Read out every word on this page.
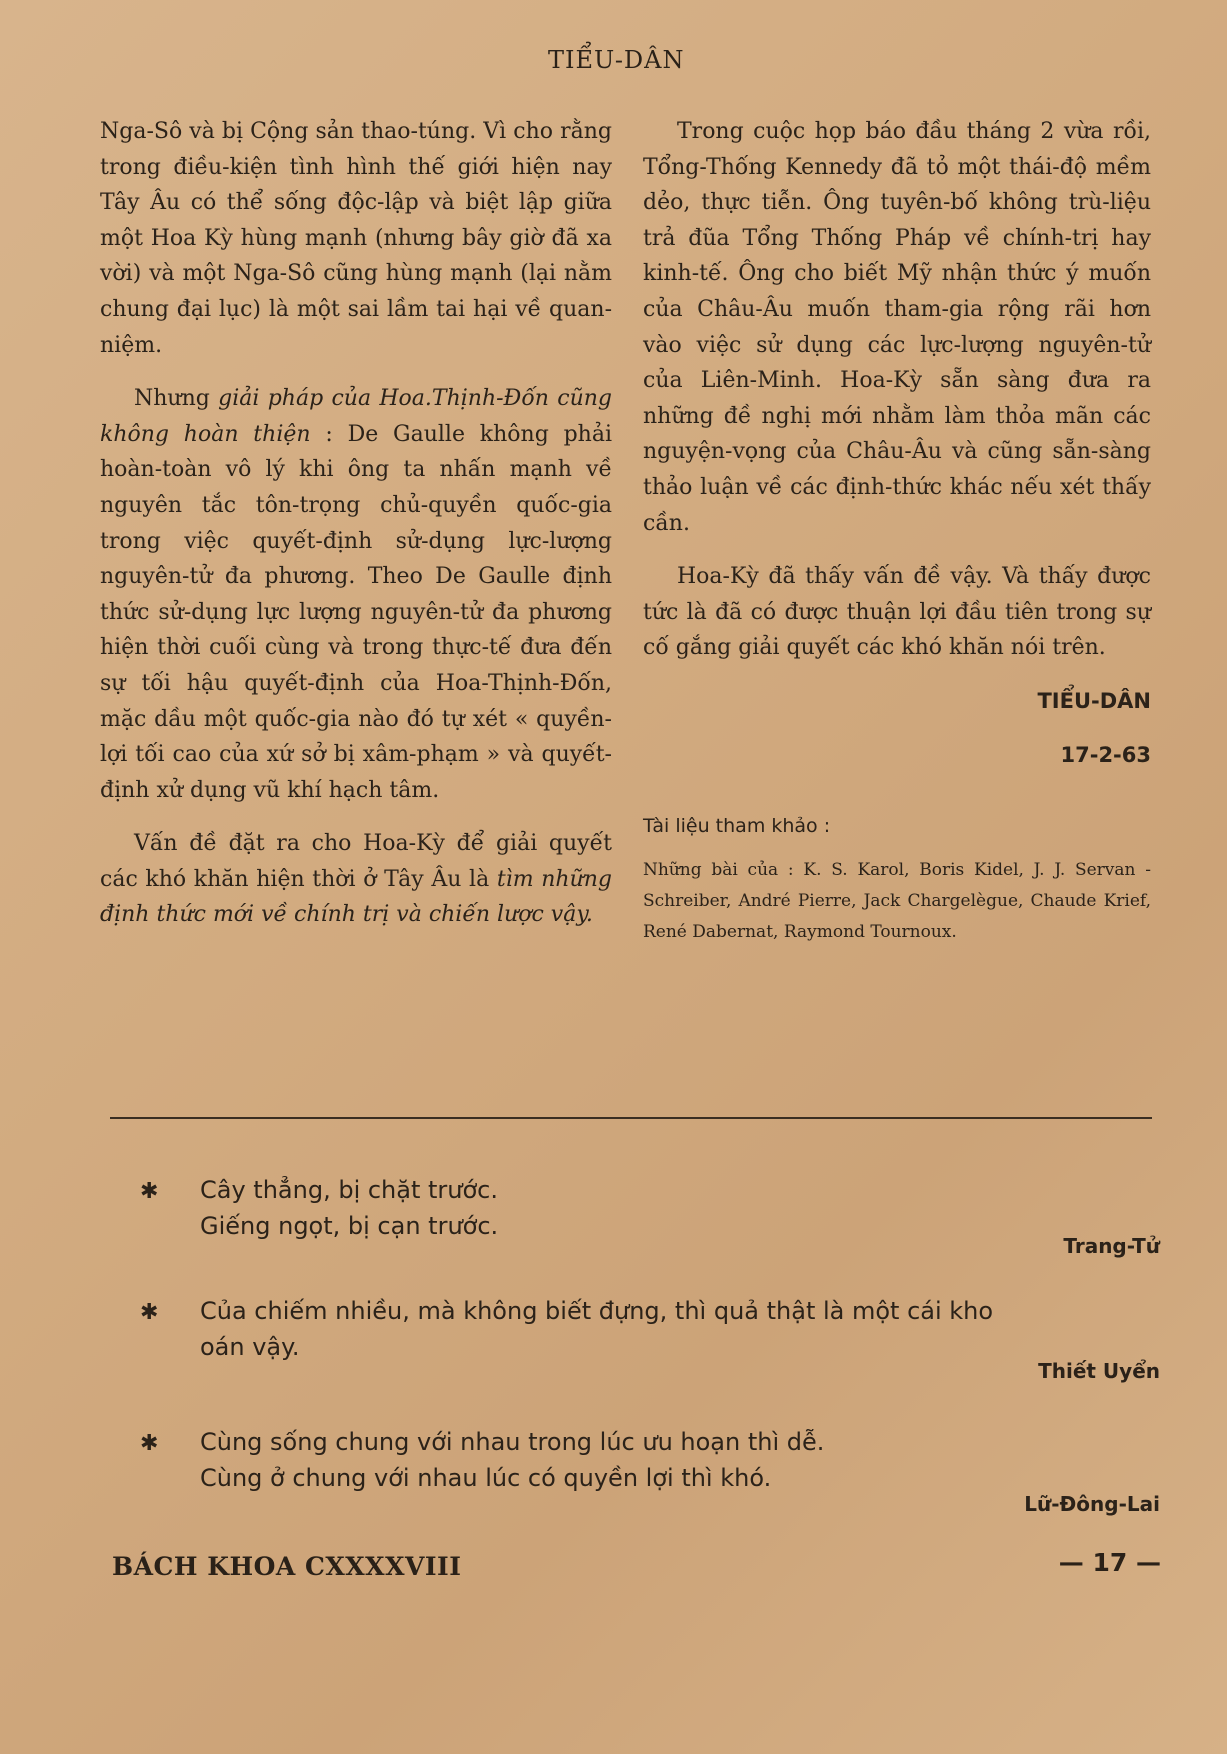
TIỂU-DÂN

Nga-Sô và bị Cộng sản thao-túng. Vì cho rằng trong điều-kiện tình hình thế giới hiện nay Tây Âu có thể sống độc-lập và biệt lập giữa một Hoa Kỳ hùng mạnh (nhưng bây giờ đã xa vời) và một Nga-Sô cũng hùng mạnh (lại nằm chung đại lục) là một sai lầm tai hại về quan-niệm.

Nhưng giải pháp của Hoa.Thịnh-Đốn cũng không hoàn thiện : De Gaulle không phải hoàn-toàn vô lý khi ông ta nhấn mạnh về nguyên tắc tôn-trọng chủ-quyền quốc-gia trong việc quyết-định sử-dụng lực-lượng nguyên-tử đa phương. Theo De Gaulle định thức sử-dụng lực lượng nguyên-tử đa phương hiện thời cuối cùng và trong thực-tế đưa đến sự tối hậu quyết-định của Hoa-Thịnh-Đốn, mặc dầu một quốc-gia nào đó tự xét « quyền-lợi tối cao của xứ sở bị xâm-phạm » và quyết-định xử dụng vũ khí hạch tâm.

Vấn đề đặt ra cho Hoa-Kỳ để giải quyết các khó khăn hiện thời ở Tây Âu là tìm những định thức mới về chính trị và chiến lược vậy.

Trong cuộc họp báo đầu tháng 2 vừa rồi, Tổng-Thống Kennedy đã tỏ một thái-độ mềm dẻo, thực tiễn. Ông tuyên-bố không trù-liệu trả đũa Tổng Thống Pháp về chính-trị hay kinh-tế. Ông cho biết Mỹ nhận thức ý muốn của Châu-Âu muốn tham-gia rộng rãi hơn vào việc sử dụng các lực-lượng nguyên-tử của Liên-Minh. Hoa-Kỳ sẵn sàng đưa ra những đề nghị mới nhằm làm thỏa mãn các nguyện-vọng của Châu-Âu và cũng sẵn-sàng thảo luận về các định-thức khác nếu xét thấy cần.

Hoa-Kỳ đã thấy vấn đề vậy. Và thấy được tức là đã có được thuận lợi đầu tiên trong sự cố gắng giải quyết các khó khăn nói trên.

TIỂU-DÂN

17-2-63

Tài liệu tham khảo :
Những bài của : K. S. Karol, Boris Kidel, J. J. Servan - Schreiber, André Pierre, Jack Chargelègue, Chaude Krief, René Dabernat, Raymond Tournoux.
✱ Cây thẳng, bị chặt trước.
Giếng ngọt, bị cạn trước.
Trang-Tử
✱ Của chiếm nhiều, mà không biết đựng, thì quả thật là một cái kho
oán vậy.
Thiết Uyển
✱ Cùng sống chung với nhau trong lúc ưu hoạn thì dễ.
Cùng ở chung với nhau lúc có quyền lợi thì khó.
Lữ-Đông-Lai
BÁCH KHOA CXXXXVIII	— 17 —
